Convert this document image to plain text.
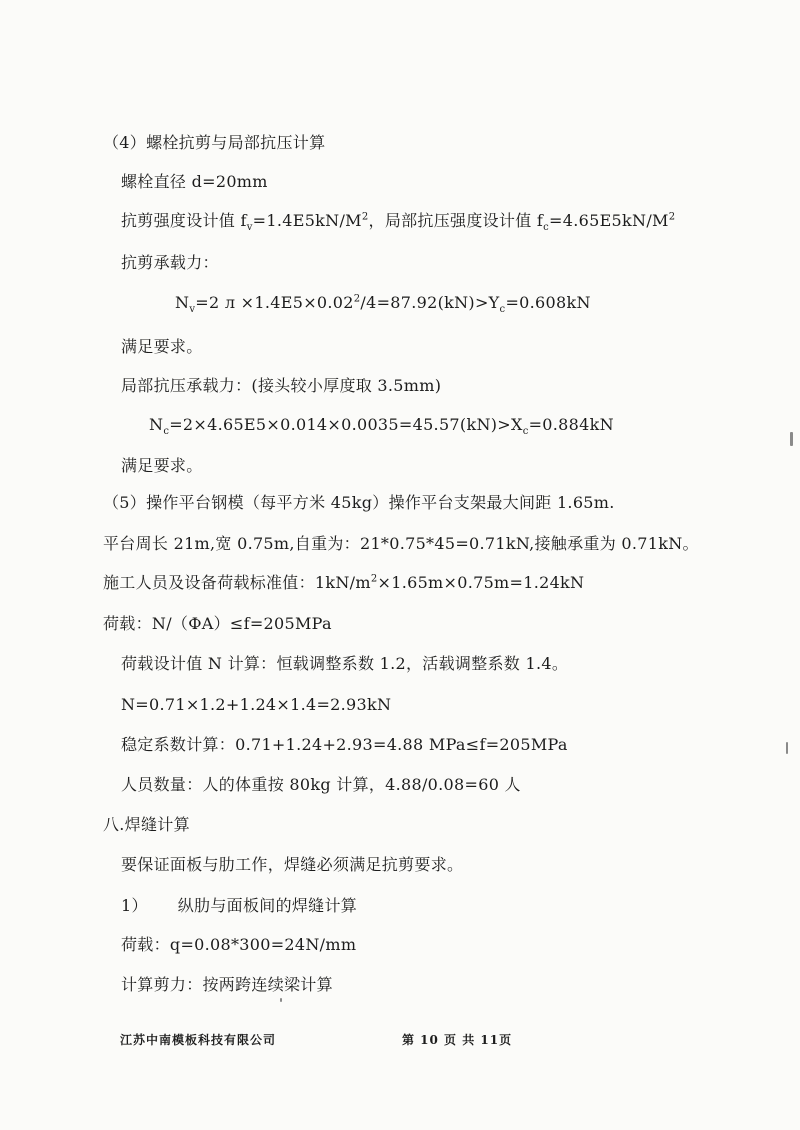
（4）螺栓抗剪与局部抗压计算
螺栓直径 d=20mm
抗剪强度设计值 $f_v=1.4E5kN/M^2$，局部抗压强度设计值 $f_c=4.65E5kN/M^2$
抗剪承载力：
$N_v=2$ $л \times 1.4E5\times 0.02^2/4=87.92(kN)>Y_c=0.608kN$
满足要求。
局部抗压承载力：(接头较小厚度取 3.5mm)
$N_c=2\times 4.65E5\times 0.014\times 0.0035=45.57(kN)>X_c=0.884kN$
满足要求。
（5）操作平台钢模（每平方米 45kg）操作平台支架最大间距 1.65m.
平台周长 21m,宽 0.75m,自重为：21*0.75*45=0.71kN,接触承重为 0.71kN。
施工人员及设备荷载标准值：$1kN/m^2\times 1.65m\times 0.75m=1.24kN$
荷载：N/（ФA）≤f=205MPa
荷载设计值 N 计算：恒载调整系数 1.2，活载调整系数 1.4。
N=0.71×1.2+1.24×1.4=2.93kN
稳定系数计算：0.71+1.24+2.93=4.88 MPa≤f=205MPa
人员数量：人的体重按 80kg 计算，4.88/0.08=60 人
八.焊缝计算
要保证面板与肋工作，焊缝必须满足抗剪要求。
1） 纵肋与面板间的焊缝计算
荷载：q=0.08*300=24N/mm
计算剪力：按两跨连续梁计算
江苏中南模板科技有限公司	第 10 页 共 11页
